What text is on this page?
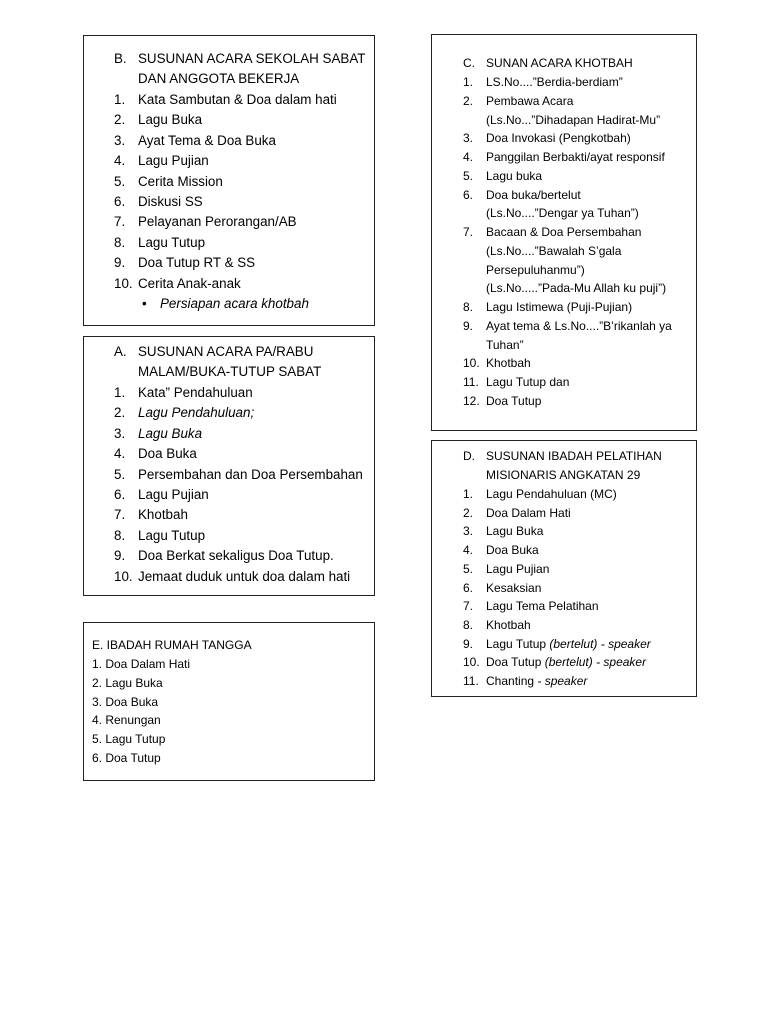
B. SUSUNAN ACARA SEKOLAH SABAT
DAN ANGGOTA BEKERJA
1. Kata Sambutan & Doa dalam hati
2. Lagu Buka
3. Ayat Tema & Doa Buka
4. Lagu Pujian
5. Cerita Mission
6. Diskusi SS
7. Pelayanan Perorangan/AB
8. Lagu Tutup
9. Doa Tutup RT & SS
10. Cerita Anak-anak
• Persiapan acara khotbah
A. SUSUNAN ACARA PA/RABU
MALAM/BUKA-TUTUP SABAT
1. Kata” Pendahuluan
2. Lagu Pendahuluan;
3. Lagu Buka
4. Doa Buka
5. Persembahan dan Doa Persembahan
6. Lagu Pujian
7. Khotbah
8. Lagu Tutup
9. Doa Berkat sekaligus Doa Tutup.
10. Jemaat duduk untuk doa dalam hati
E. IBADAH RUMAH TANGGA
1. Doa Dalam Hati
2. Lagu Buka
3. Doa Buka
4. Renungan
5. Lagu Tutup
6. Doa Tutup
C. SUNAN ACARA KHOTBAH
1. LS.No....”Berdia-berdiam”
2. Pembawa Acara
(Ls.No...”Dihadapan Hadirat-Mu”
3. Doa Invokasi (Pengkotbah)
4. Panggilan Berbakti/ayat responsif
5. Lagu buka
6. Doa buka/bertelut
(Ls.No....”Dengar ya Tuhan”)
7. Bacaan & Doa Persembahan
(Ls.No....”Bawalah S’gala
Persepuluhanmu”)
(Ls.No.....”Pada-Mu Allah ku puji”)
8. Lagu Istimewa (Puji-Pujian)
9. Ayat tema & Ls.No....”B’rikanlah ya
Tuhan”
10. Khotbah
11. Lagu Tutup dan
12. Doa Tutup
D. SUSUNAN IBADAH PELATIHAN
MISIONARIS ANGKATAN 29
1. Lagu Pendahuluan (MC)
2. Doa Dalam Hati
3. Lagu Buka
4. Doa Buka
5. Lagu Pujian
6. Kesaksian
7. Lagu Tema Pelatihan
8. Khotbah
9. Lagu Tutup (bertelut) - speaker
10. Doa Tutup (bertelut) - speaker
11. Chanting - speaker
